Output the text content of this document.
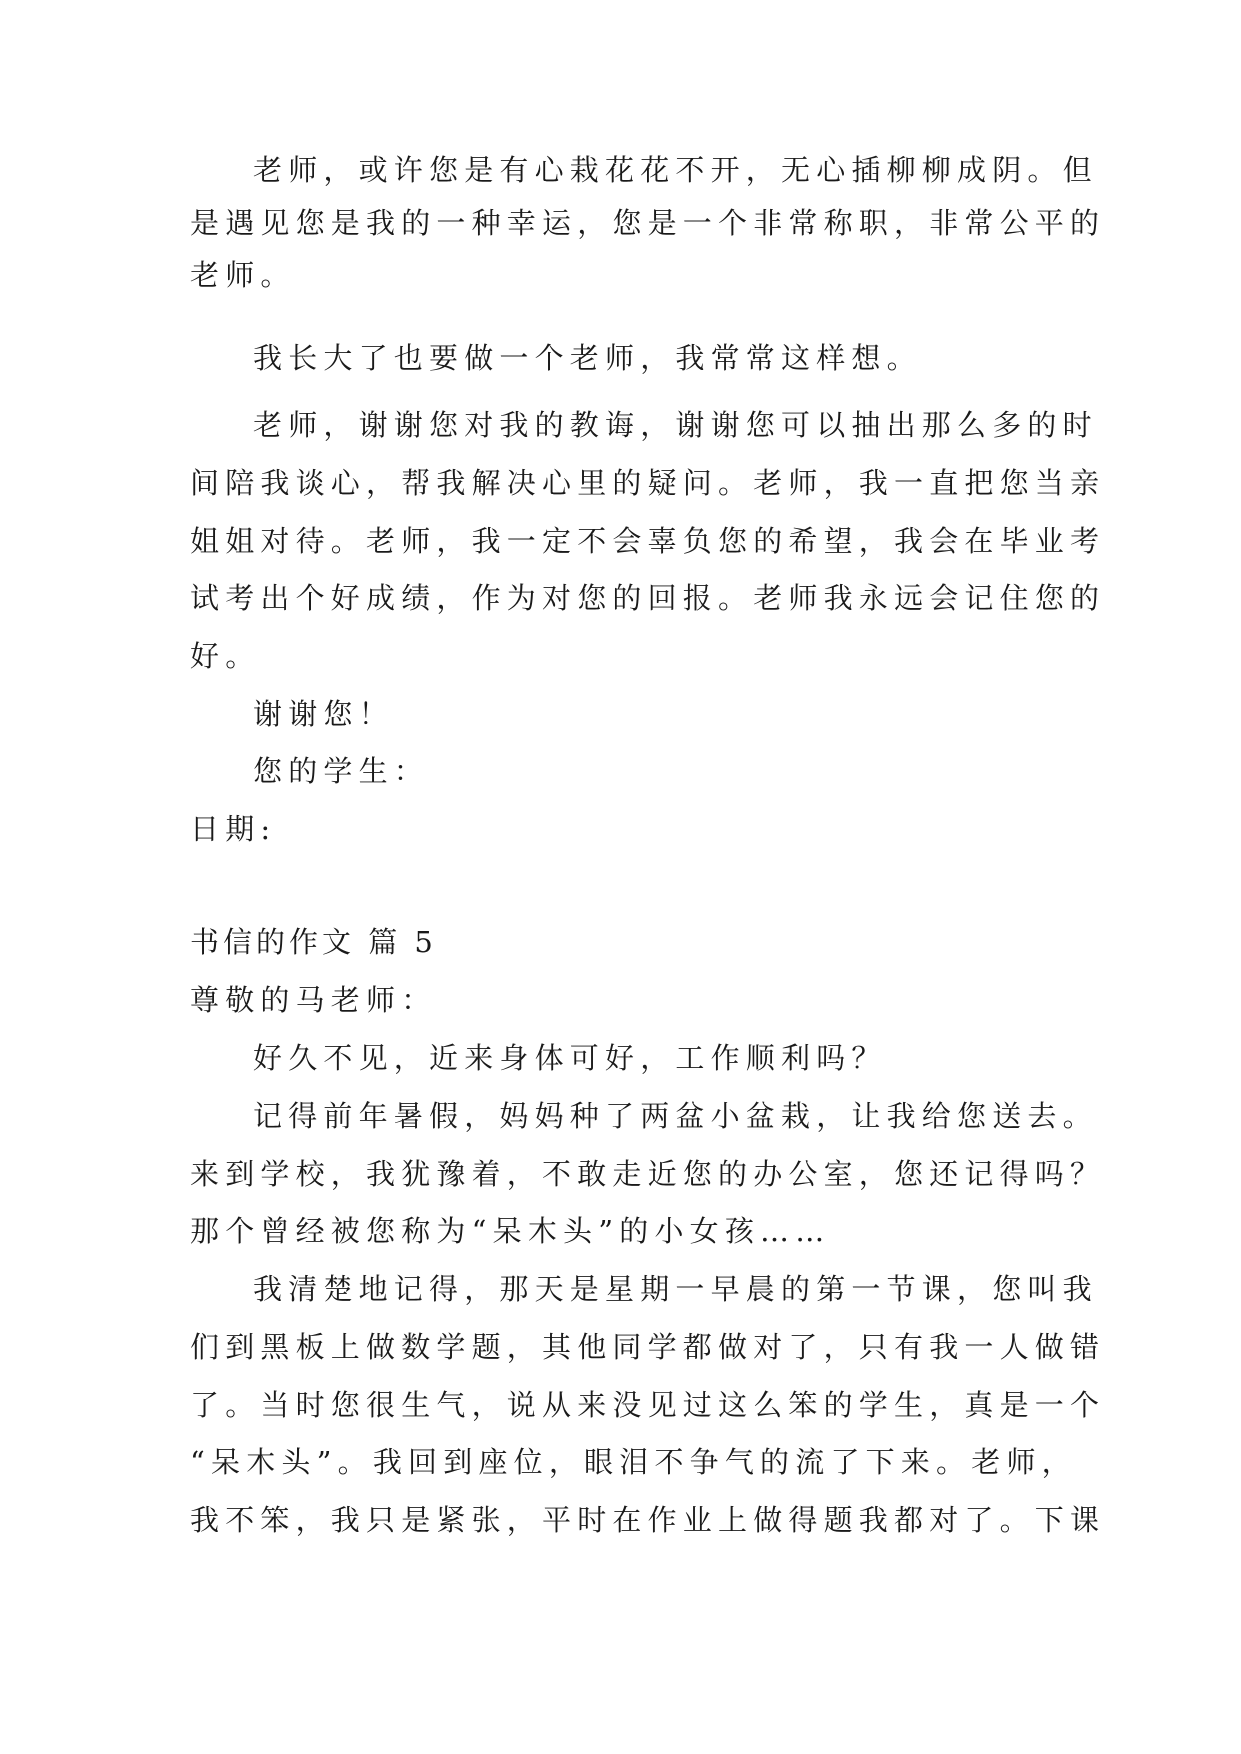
老师，或许您是有心栽花花不开，无心插柳柳成阴。但
是遇见您是我的一种幸运，您是一个非常称职，非常公平的
老师。
我长大了也要做一个老师，我常常这样想。
老师，谢谢您对我的教诲，谢谢您可以抽出那么多的时
间陪我谈心，帮我解决心里的疑问。老师，我一直把您当亲
姐姐对待。老师，我一定不会辜负您的希望，我会在毕业考
试考出个好成绩，作为对您的回报。老师我永远会记住您的
好。
谢谢您！
您的学生：
日期:
书信的作文 篇 5
尊敬的马老师：
好久不见，近来身体可好，工作顺利吗？
记得前年暑假，妈妈种了两盆小盆栽，让我给您送去。
来到学校，我犹豫着，不敢走近您的办公室，您还记得吗？
那个曾经被您称为“呆木头”的小女孩……
我清楚地记得，那天是星期一早晨的第一节课，您叫我
们到黑板上做数学题，其他同学都做对了，只有我一人做错
了。当时您很生气，说从来没见过这么笨的学生，真是一个
“呆木头”。我回到座位，眼泪不争气的流了下来。老师，
我不笨，我只是紧张，平时在作业上做得题我都对了。下课
